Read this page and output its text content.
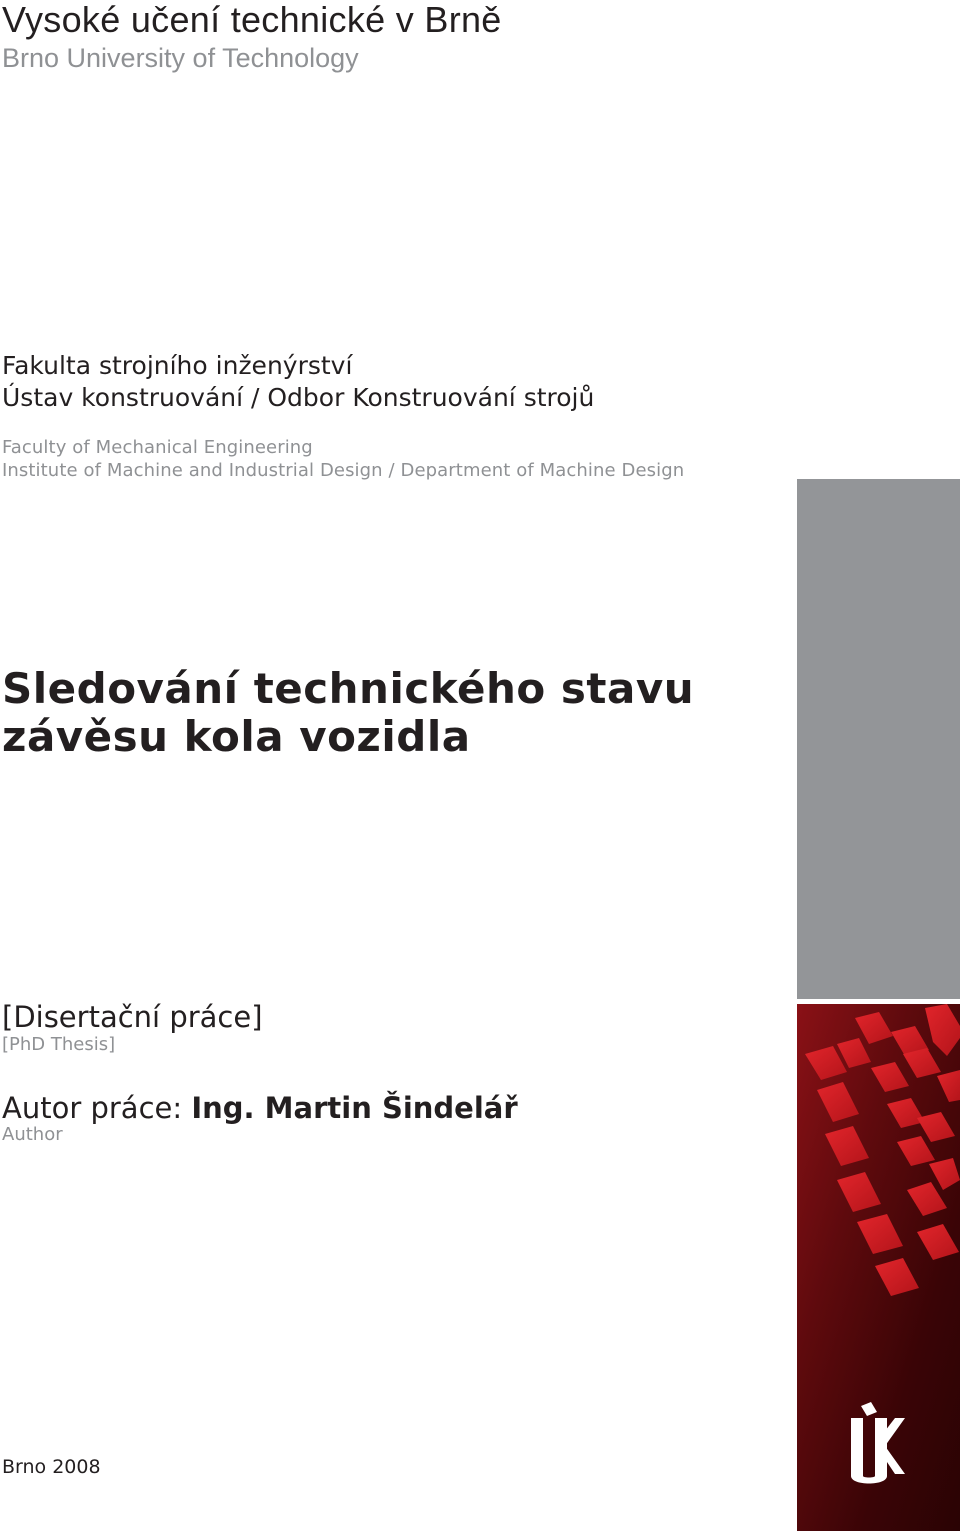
Vysoké učení technické v Brně
Brno University of Technology
Fakulta strojního inženýrství
Ústav konstruování / Odbor Konstruování strojů
Faculty of Mechanical Engineering
Institute of Machine and Industrial Design / Department of Machine Design
Sledování technického stavu
závěsu kola vozidla
[Disertační práce]
[PhD Thesis]
Autor práce: Ing. Martin Šindelář
Author
Brno 2008
